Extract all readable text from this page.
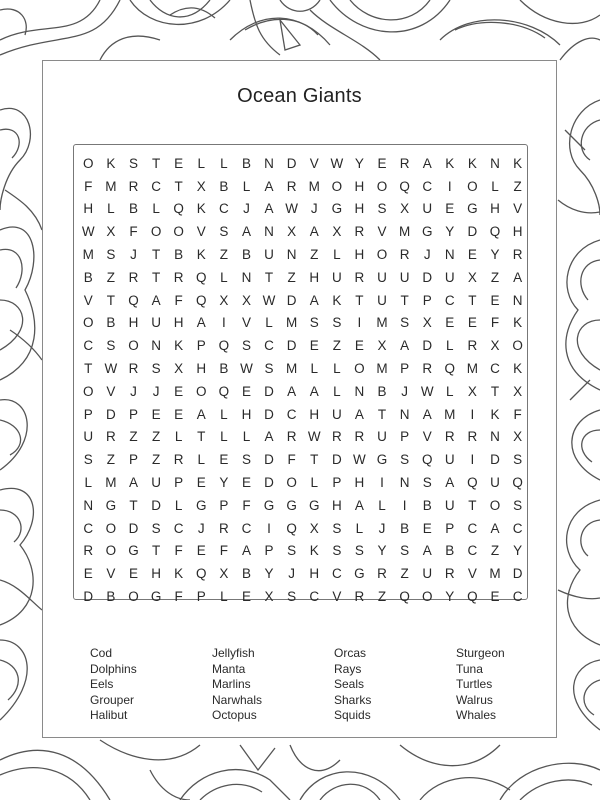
Ocean Giants
O K	S	T	E	L	L	B N D V W Y	E R A	K	K N K
F M R C	T	X	B	L	A R M O H O Q C	I	O	L	Z
H	L	B	L	Q K C	J	A W J	G H S	X U E G H V
W X	F O O V	S	A N X	A	X R V M G Y D Q H
M S	J	T	B	K	Z	B U N	Z	L	H O R	J	N E	Y R
B	Z	R	T	R Q	L	N	T	Z	H U R U U D U X	Z	A
V	T Q A	F Q X	X W D A	K	T	U	T	P C	T	E N
O B H U H A	I	V	L M S	S	I	M S	X	E	E	F	K
C S O N K	P Q S C D E	Z	E	X	A D	L	R X O
T W R S	X H B W S M L	L	O M P R Q M C K
O V	J	J	E O Q E D A	A	L	N B	J W L	X	T	X
P D P	E	E	A	L	H D C H U A	T	N A M	I	K	F
U R	Z	Z	L	T	L	L	A R W R R U P	V R R N X
S	Z	P	Z	R	L	E	S D	F	T	D W G S Q U	I	D S
L M A U P	E	Y	E D O	L	P H	I	N S	A Q U Q
N G T	D	L	G P	F G G G H A	L	I	B U	T O S
C O D S C	J	R C	I	Q X	S	L	J	B	E	P C A C
R O G T	F	E	F	A	P	S	K	S	S	Y	S	A	B C	Z	Y
E	V	E H K Q X	B	Y	J	H C G R	Z	U R V M D
D B O G F	P	L	E	X	S C V R	Z Q O Y Q E C
Cod
Dolphins
Eels
Grouper
Halibut
Jellyfish
Manta
Marlins
Narwhals
Octopus
Orcas
Rays
Seals
Sharks
Squids
Sturgeon
Tuna
Turtles
Walrus
Whales
